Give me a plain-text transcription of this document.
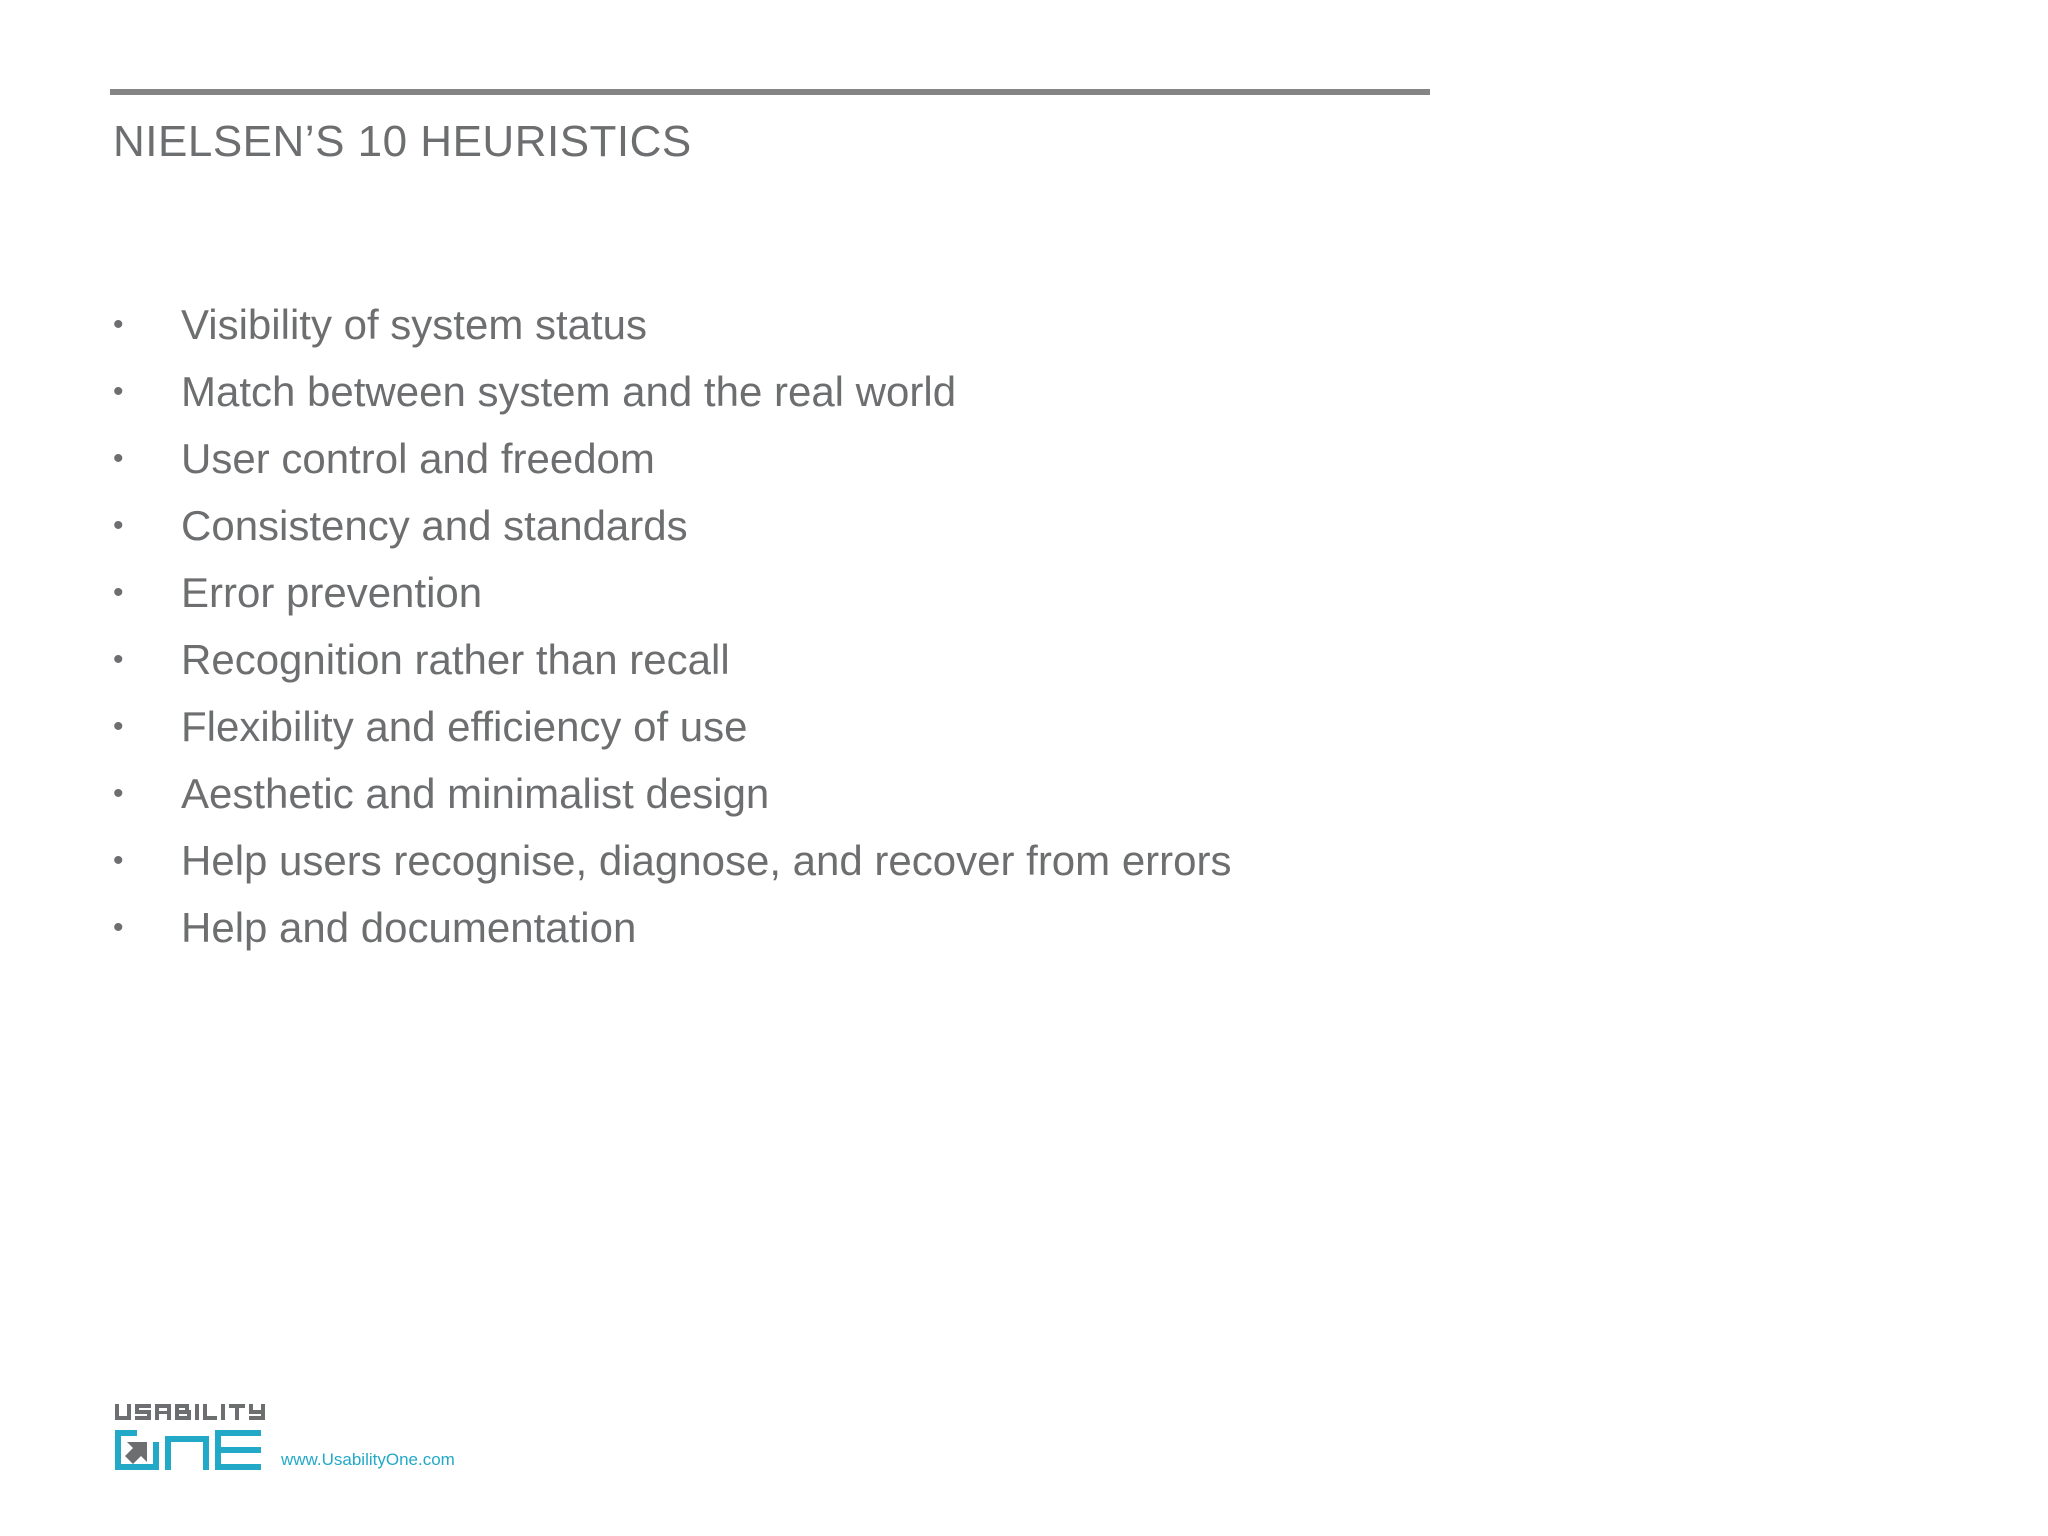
NIELSEN’S 10 HEURISTICS
• Visibility of system status
• Match between system and the real world
• User control and freedom
• Consistency and standards
• Error prevention
• Recognition rather than recall
• Flexibility and efficiency of use
• Aesthetic and minimalist design
• Help users recognise, diagnose, and recover from errors
• Help and documentation
www.UsabilityOne.com
